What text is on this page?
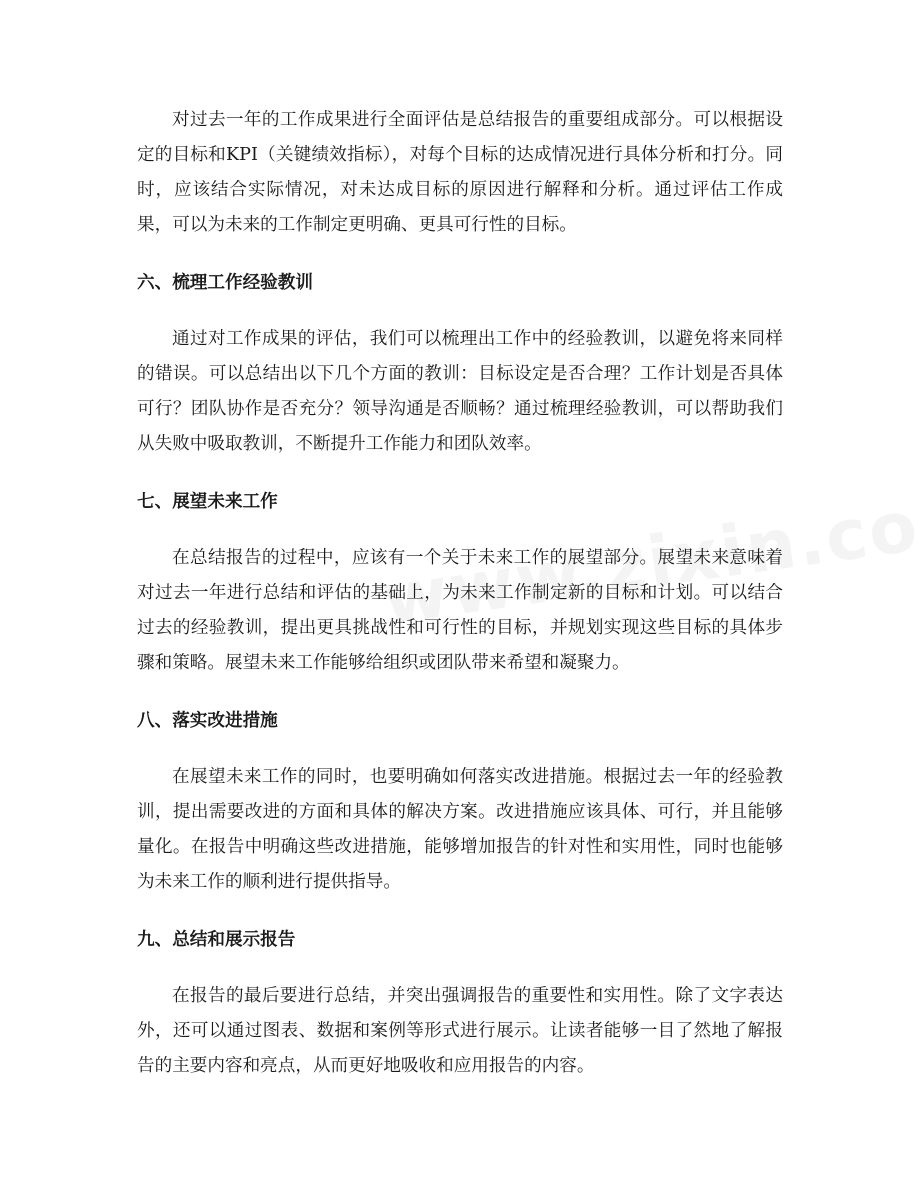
对过去一年的工作成果进行全面评估是总结报告的重要组成部分。可以根据设定的目标和KPI（关键绩效指标），对每个目标的达成情况进行具体分析和打分。同时，应该结合实际情况，对未达成目标的原因进行解释和分析。通过评估工作成果，可以为未来的工作制定更明确、更具可行性的目标。

六、梳理工作经验教训

通过对工作成果的评估，我们可以梳理出工作中的经验教训，以避免将来同样的错误。可以总结出以下几个方面的教训：目标设定是否合理？工作计划是否具体可行？团队协作是否充分？领导沟通是否顺畅？通过梳理经验教训，可以帮助我们从失败中吸取教训，不断提升工作能力和团队效率。

七、展望未来工作

在总结报告的过程中，应该有一个关于未来工作的展望部分。展望未来意味着对过去一年进行总结和评估的基础上，为未来工作制定新的目标和计划。可以结合过去的经验教训，提出更具挑战性和可行性的目标，并规划实现这些目标的具体步骤和策略。展望未来工作能够给组织或团队带来希望和凝聚力。

八、落实改进措施

在展望未来工作的同时，也要明确如何落实改进措施。根据过去一年的经验教训，提出需要改进的方面和具体的解决方案。改进措施应该具体、可行，并且能够量化。在报告中明确这些改进措施，能够增加报告的针对性和实用性，同时也能够为未来工作的顺利进行提供指导。

九、总结和展示报告

在报告的最后要进行总结，并突出强调报告的重要性和实用性。除了文字表达外，还可以通过图表、数据和案例等形式进行展示。让读者能够一目了然地了解报告的主要内容和亮点，从而更好地吸收和应用报告的内容。
